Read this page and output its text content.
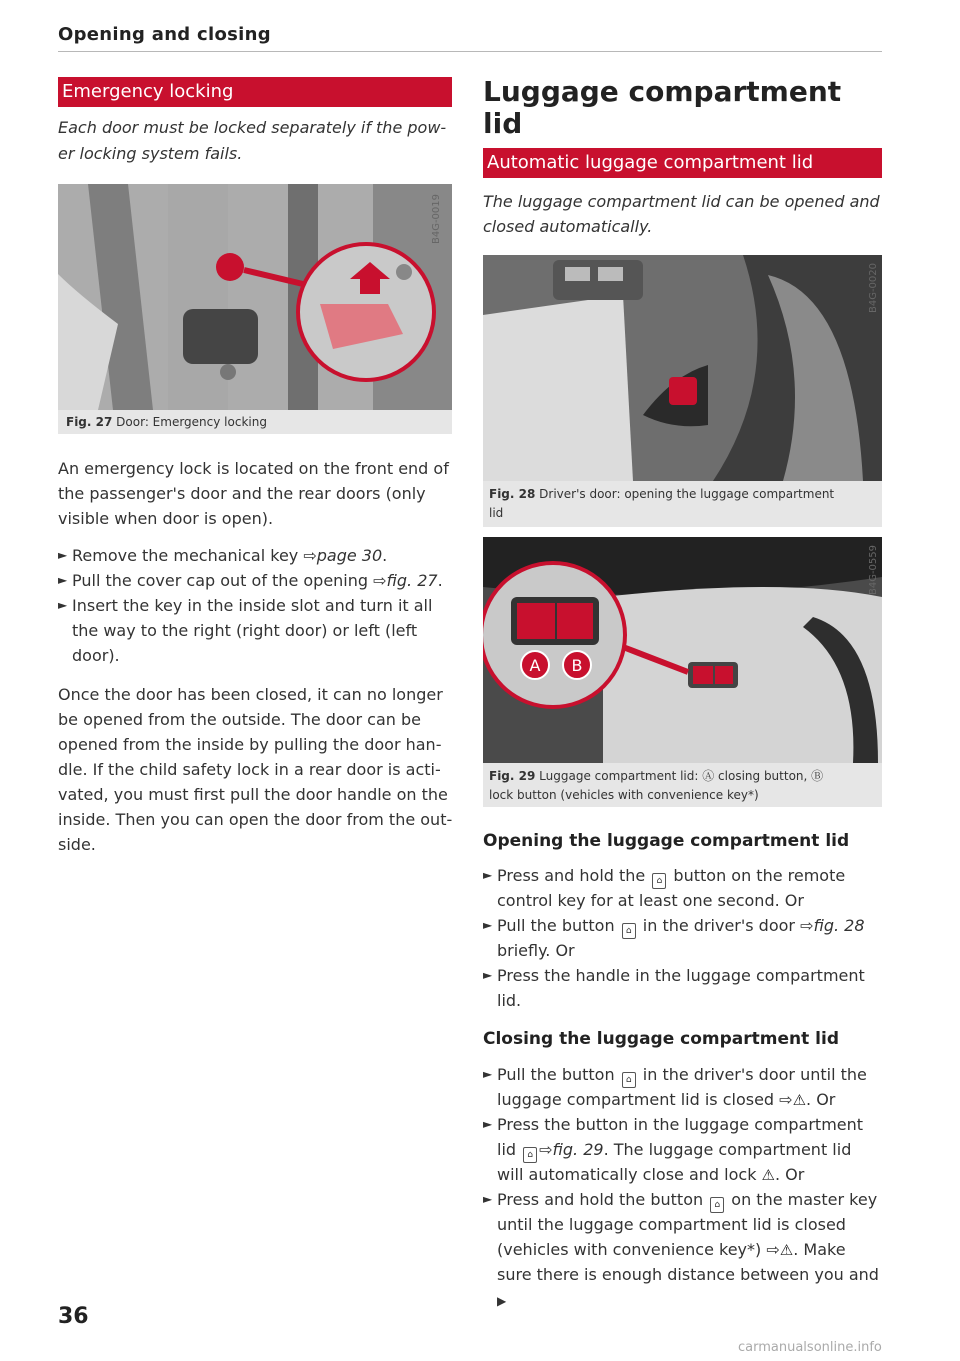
Opening and closing
Emergency locking
Each door must be locked separately if the pow-
er locking system fails.
B4G-0019
Fig. 27 Door: Emergency locking
An emergency lock is located on the front end of
the passenger's door and the rear doors (only
visible when door is open).
► Remove the mechanical key ⇨page 30.
► Pull the cover cap out of the opening ⇨fig. 27.
► Insert the key in the inside slot and turn it all
the way to the right (right door) or left (left
door).
Once the door has been closed, it can no longer
be opened from the outside. The door can be
opened from the inside by pulling the door han-
dle. If the child safety lock in a rear door is acti-
vated, you must first pull the door handle on the
inside. Then you can open the door from the out-
side.
Luggage compartment
lid
Automatic luggage compartment lid
The luggage compartment lid can be opened and
closed automatically.
B4G-0020
Fig. 28 Driver's door: opening the luggage compartment
lid
A B
B4G-0559
Fig. 29 Luggage compartment lid: Ⓐ closing button, Ⓑ
lock button (vehicles with convenience key*)
Opening the luggage compartment lid
► Press and hold the ⌂ button on the remote
control key for at least one second. Or
► Pull the button ⌂ in the driver's door ⇨fig. 28
briefly. Or
► Press the handle in the luggage compartment
lid.
Closing the luggage compartment lid
► Pull the button ⌂ in the driver's door until the
luggage compartment lid is closed ⇨⚠. Or
► Press the button in the luggage compartment
lid ⌂ ⇨fig. 29. The luggage compartment lid
will automatically close and lock ⚠. Or
► Press and hold the button ⌂ on the master key
until the luggage compartment lid is closed
(vehicles with convenience key*) ⇨⚠. Make
sure there is enough distance between you and ▶
36
carmanualsonline.info
